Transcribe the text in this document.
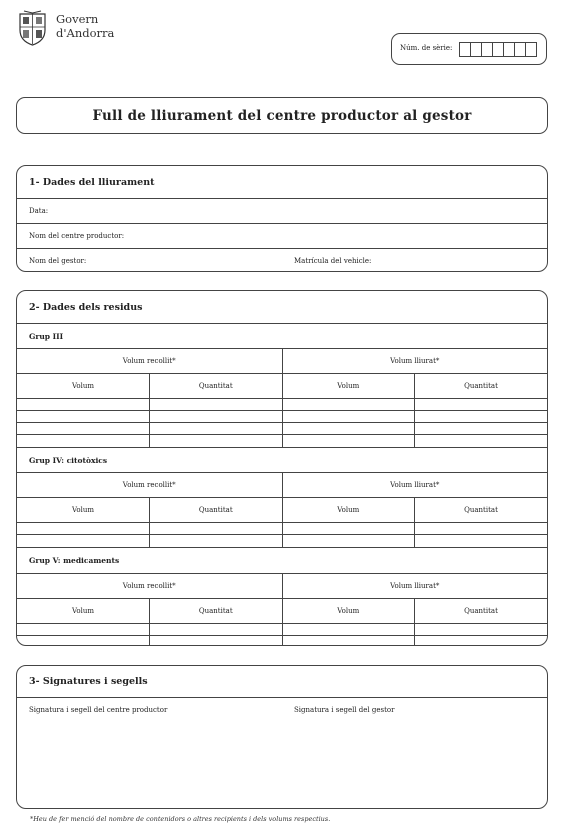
Govern
d'Andorra
Núm. de sèrie:
Full de lliurament del centre productor al gestor
1- Dades del lliurament
Data:
Nom del centre productor:
Nom del gestor:	Matrícula del vehicle:
2- Dades dels residus
Grup III
Volum recollit*		Volum lliurat*	
Volum	Quantitat	Volum	Quantitat

Grup IV: citotòxics
Volum recollit*		Volum lliurat*	
Volum	Quantitat	Volum	Quantitat

Grup V: medicaments
Volum recollit*		Volum lliurat*	
Volum	Quantitat	Volum	Quantitat

3- Signatures i segells
Signatura i segell del centre productor	Signatura i segell del gestor
*Heu de fer menció del nombre de contenidors o altres recipients i dels volums respectius.
